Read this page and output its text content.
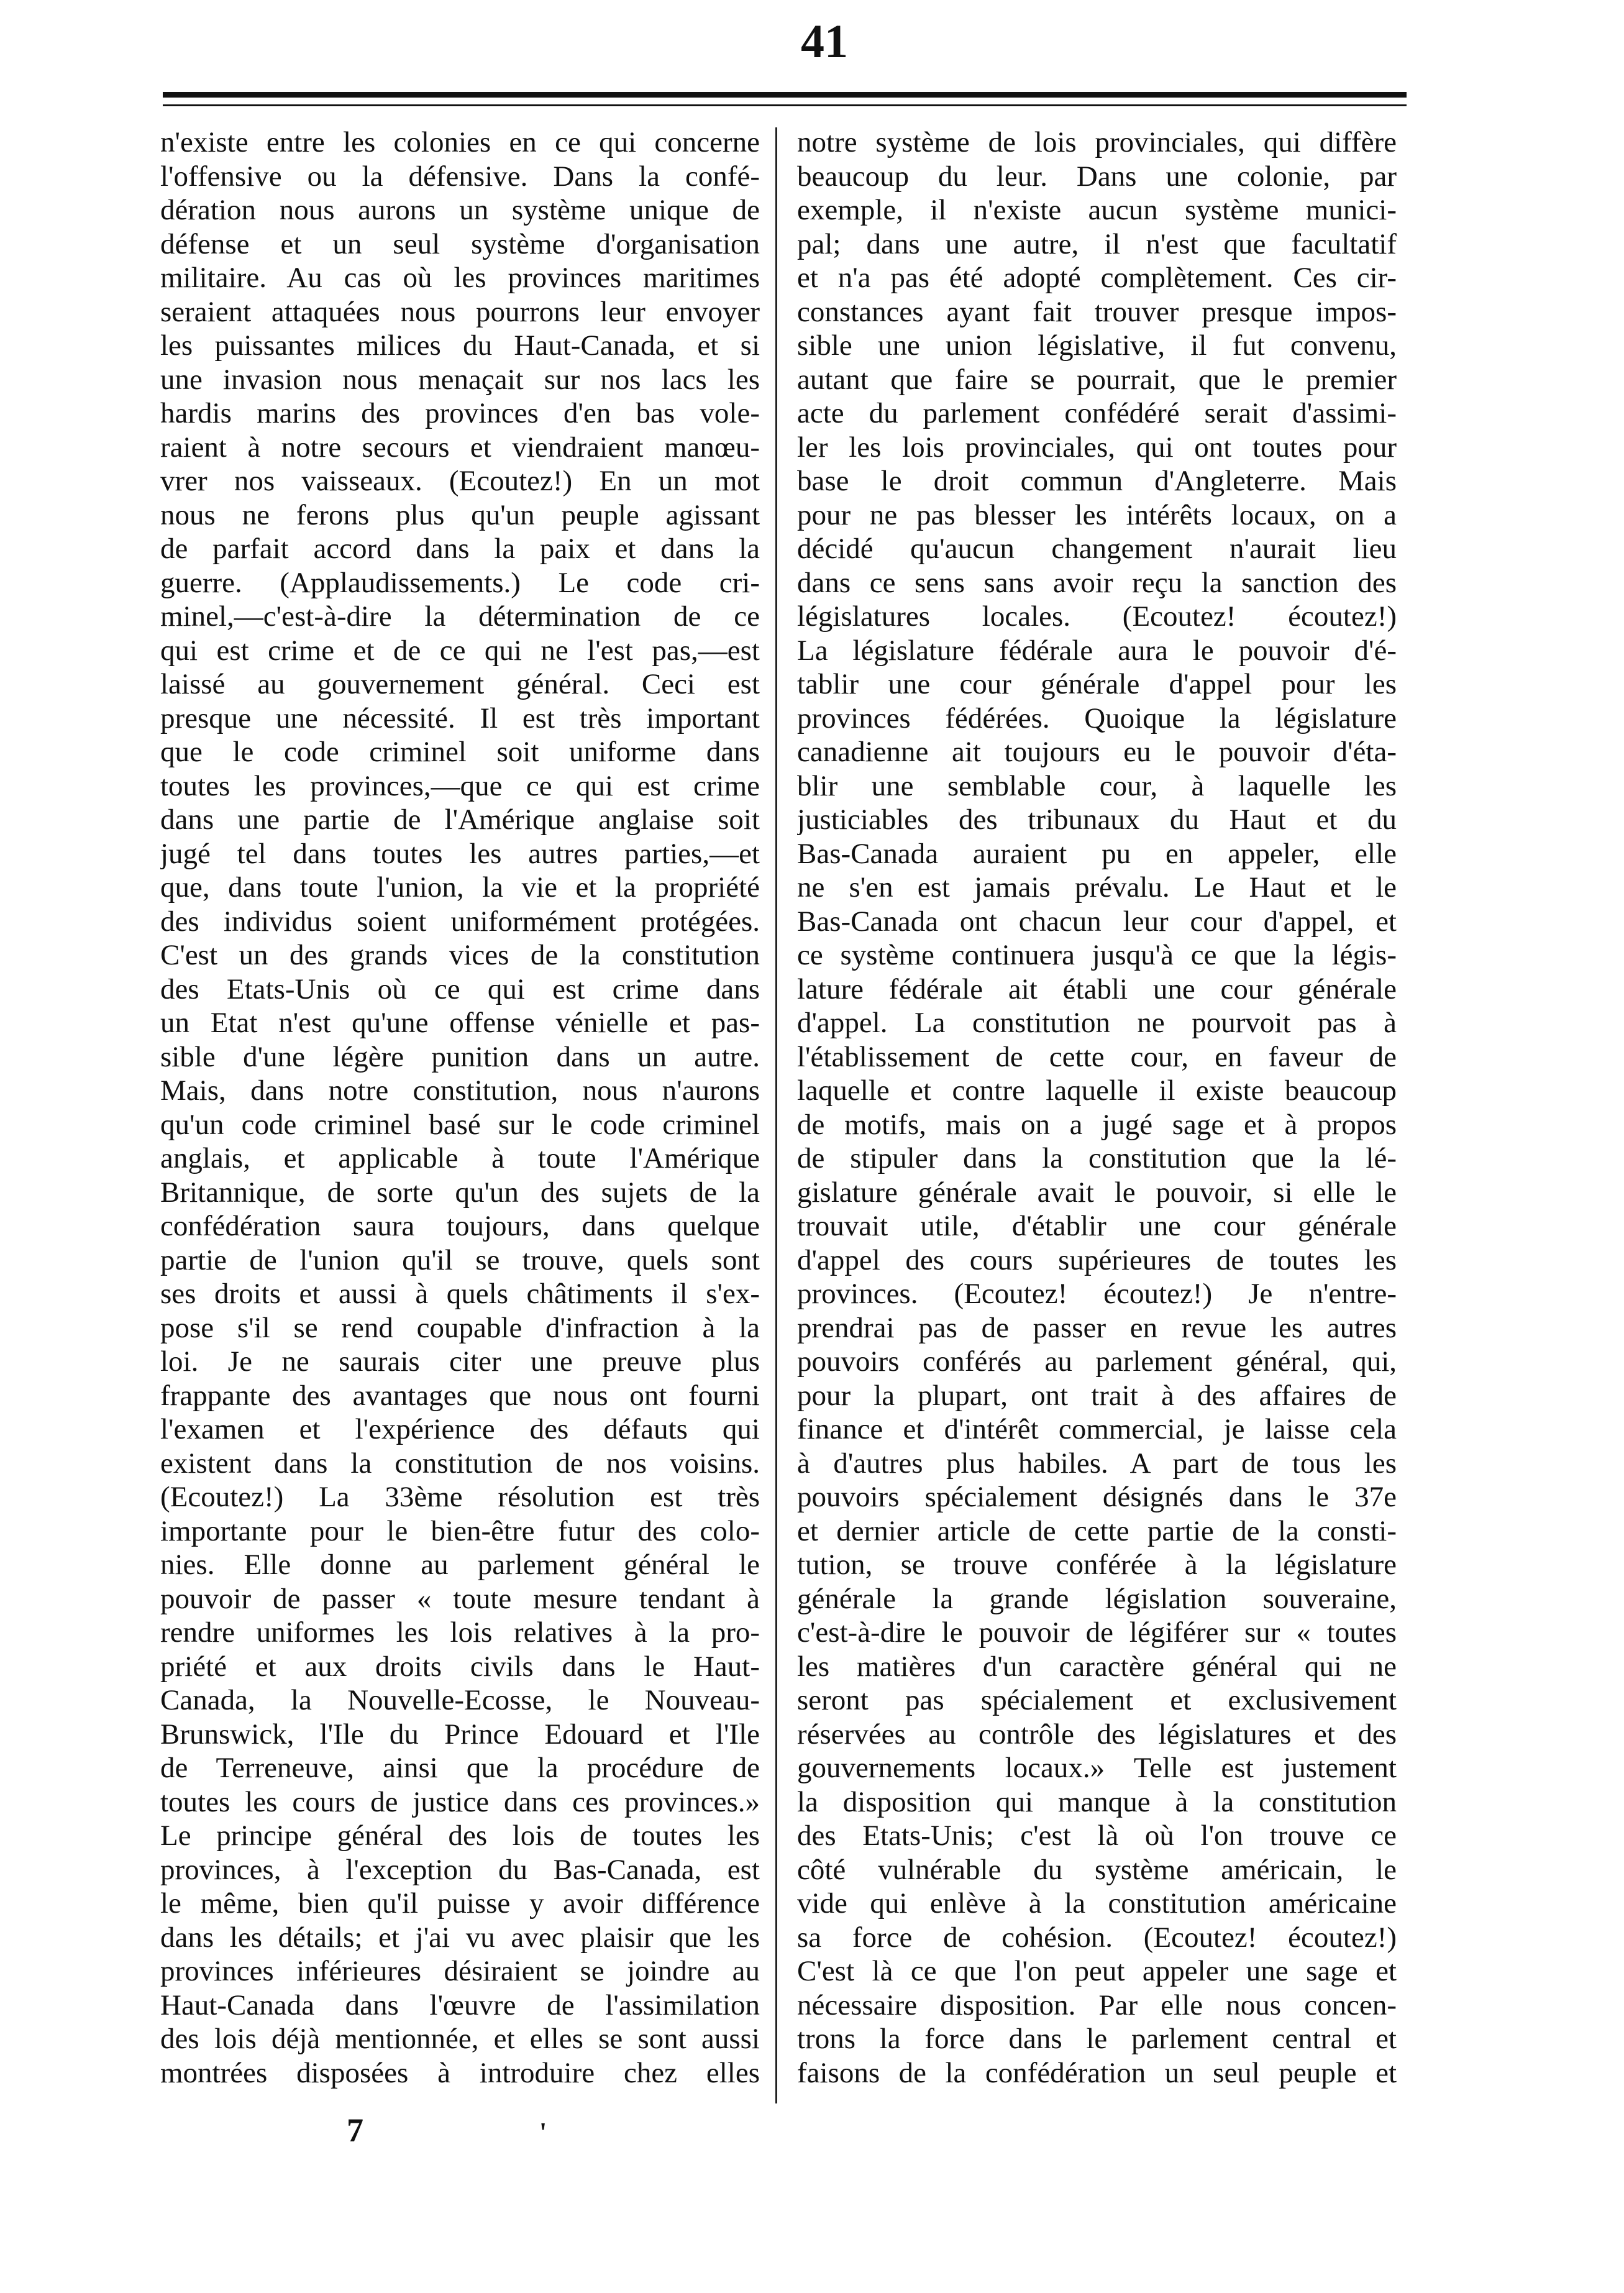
41
n'existe entre les colonies en ce qui concerne
l'offensive ou la défensive. Dans la confé-
dération nous aurons un système unique de
défense et un seul système d'organisation
militaire. Au cas où les provinces maritimes
seraient attaquées nous pourrons leur envoyer
les puissantes milices du Haut-Canada, et si
une invasion nous menaçait sur nos lacs les
hardis marins des provinces d'en bas vole-
raient à notre secours et viendraient manœu-
vrer nos vaisseaux. (Ecoutez!) En un mot
nous ne ferons plus qu'un peuple agissant
de parfait accord dans la paix et dans la
guerre. (Applaudissements.) Le code cri-
minel,—c'est-à-dire la détermination de ce
qui est crime et de ce qui ne l'est pas,—est
laissé au gouvernement général. Ceci est
presque une nécessité. Il est très important
que le code criminel soit uniforme dans
toutes les provinces,—que ce qui est crime
dans une partie de l'Amérique anglaise soit
jugé tel dans toutes les autres parties,—et
que, dans toute l'union, la vie et la propriété
des individus soient uniformément protégées.
C'est un des grands vices de la constitution
des Etats-Unis où ce qui est crime dans
un Etat n'est qu'une offense vénielle et pas-
sible d'une légère punition dans un autre.
Mais, dans notre constitution, nous n'aurons
qu'un code criminel basé sur le code criminel
anglais, et applicable à toute l'Amérique
Britannique, de sorte qu'un des sujets de la
confédération saura toujours, dans quelque
partie de l'union qu'il se trouve, quels sont
ses droits et aussi à quels châtiments il s'ex-
pose s'il se rend coupable d'infraction à la
loi. Je ne saurais citer une preuve plus
frappante des avantages que nous ont fourni
l'examen et l'expérience des défauts qui
existent dans la constitution de nos voisins.
(Ecoutez!) La 33ème résolution est très
importante pour le bien-être futur des colo-
nies. Elle donne au parlement général le
pouvoir de passer « toute mesure tendant à
rendre uniformes les lois relatives à la pro-
priété et aux droits civils dans le Haut-
Canada, la Nouvelle-Ecosse, le Nouveau-
Brunswick, l'Ile du Prince Edouard et l'Ile
de Terreneuve, ainsi que la procédure de
toutes les cours de justice dans ces provinces.»
Le principe général des lois de toutes les
provinces, à l'exception du Bas-Canada, est
le même, bien qu'il puisse y avoir différence
dans les détails; et j'ai vu avec plaisir que les
provinces inférieures désiraient se joindre au
Haut-Canada dans l'œuvre de l'assimilation
des lois déjà mentionnée, et elles se sont aussi
montrées disposées à introduire chez elles
notre système de lois provinciales, qui diffère
beaucoup du leur. Dans une colonie, par
exemple, il n'existe aucun système munici-
pal; dans une autre, il n'est que facultatif
et n'a pas été adopté complètement. Ces cir-
constances ayant fait trouver presque impos-
sible une union législative, il fut convenu,
autant que faire se pourrait, que le premier
acte du parlement confédéré serait d'assimi-
ler les lois provinciales, qui ont toutes pour
base le droit commun d'Angleterre. Mais
pour ne pas blesser les intérêts locaux, on a
décidé qu'aucun changement n'aurait lieu
dans ce sens sans avoir reçu la sanction des
législatures locales. (Ecoutez! écoutez!)
La législature fédérale aura le pouvoir d'é-
tablir une cour générale d'appel pour les
provinces fédérées. Quoique la législature
canadienne ait toujours eu le pouvoir d'éta-
blir une semblable cour, à laquelle les
justiciables des tribunaux du Haut et du
Bas-Canada auraient pu en appeler, elle
ne s'en est jamais prévalu. Le Haut et le
Bas-Canada ont chacun leur cour d'appel, et
ce système continuera jusqu'à ce que la légis-
lature fédérale ait établi une cour générale
d'appel. La constitution ne pourvoit pas à
l'établissement de cette cour, en faveur de
laquelle et contre laquelle il existe beaucoup
de motifs, mais on a jugé sage et à propos
de stipuler dans la constitution que la lé-
gislature générale avait le pouvoir, si elle le
trouvait utile, d'établir une cour générale
d'appel des cours supérieures de toutes les
provinces. (Ecoutez! écoutez!) Je n'entre-
prendrai pas de passer en revue les autres
pouvoirs conférés au parlement général, qui,
pour la plupart, ont trait à des affaires de
finance et d'intérêt commercial, je laisse cela
à d'autres plus habiles. A part de tous les
pouvoirs spécialement désignés dans le 37e
et dernier article de cette partie de la consti-
tution, se trouve conférée à la législature
générale la grande législation souveraine,
c'est-à-dire le pouvoir de légiférer sur « toutes
les matières d'un caractère général qui ne
seront pas spécialement et exclusivement
réservées au contrôle des législatures et des
gouvernements locaux.» Telle est justement
la disposition qui manque à la constitution
des Etats-Unis; c'est là où l'on trouve ce
côté vulnérable du système américain, le
vide qui enlève à la constitution américaine
sa force de cohésion. (Ecoutez! écoutez!)
C'est là ce que l'on peut appeler une sage et
nécessaire disposition. Par elle nous concen-
trons la force dans le parlement central et
faisons de la confédération un seul peuple et
7	'
